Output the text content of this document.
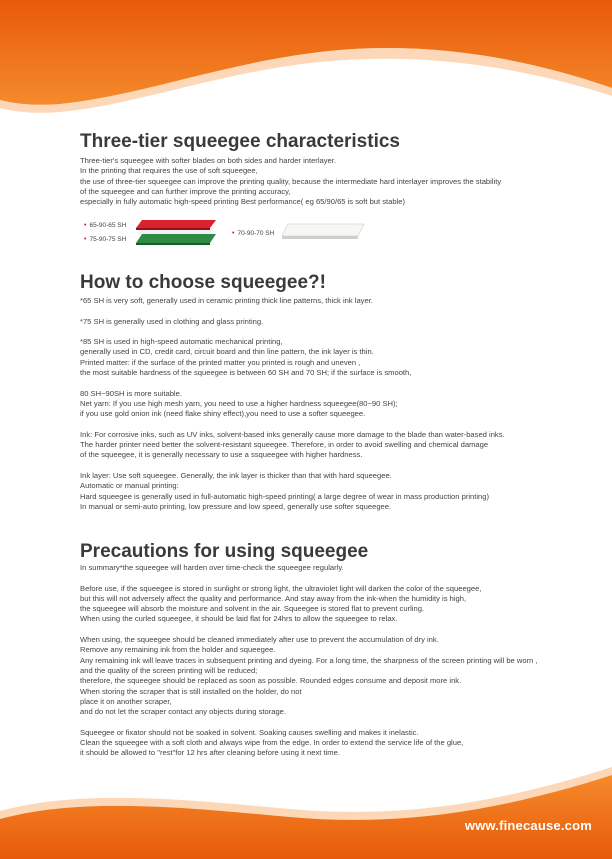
Three-tier squeegee characteristics
Three-tier's squeegee with softer blades on both sides and harder interlayer.
In the printing that requires the use of soft squeegee,
the use of three-tier squeegee can improve the printing quality, because the intermediate hard interlayer improves the stability
of the squeegee and can further improve the printing accuracy,
especially in fully automatic high-speed printing Best performance( eg 65/90/65 is soft but stable)
• 65-90-65 SH
• 75-90-75 SH
• 70-90-70 SH
How to choose squeegee?!
*65 SH is very soft, generally used in ceramic printing thick line patterns, thick ink layer.
*75 SH is generally used in clothing and glass printing.
*85 SH is used in high-speed automatic mechanical printing,
generally used in CD, credit card, circuit board and thin line pattern, the ink layer is thin.
Printed matter: if the surface of the printed matter you printed is rough and uneven ,
the most suitable hardness of the squeegee is between 60 SH and 70 SH; if the surface is smooth,
80 SH~90SH is more suitable.
Net yarn: If you use high mesh yarn, you need to use a higher hardness squeegee(80~90 SH);
if you use gold onion ink (need flake shiny effect),you need to use a softer squeegee.
Ink: For corrosive inks, such as UV inks, solvent-based inks generally cause more damage to the blade than water-based inks.
The harder printer need better the solvent-resistant squeegee. Therefore, in order to avoid swelling and chemical damage
of the squeegee, it is generally necessary to use a ssqueegee with higher hardness.
Ink layer: Use soft squeegee. Generally, the ink layer is thicker than that with hard squeegee.
Automatic or manual printing:
Hard squeegee is generally used in full-automatic high-speed printing( a large degree of wear in mass production printing)
In manual or semi-auto printing, low pressure and low speed, generally use softer squeegee.
Precautions for using squeegee
In summary*the squeegee will harden over time-check the squeegee regularly.
Before use, if the squeegee is stored in sunlight or strong light, the ultraviolet light will darken the color of the squeegee,
but this will not adversely affect the quality and performance. And stay away from the ink-when the humidity is high,
the squeegee will absorb the moisture and solvent in the air. Squeegee is stored flat to prevent curling.
When using the curled squeegee, it should be laid flat for 24hrs to allow the squeegee to relax.
When using, the squeegee should be cleaned immediately after use to prevent the accumulation of dry ink.
Remove any remaining ink from the holder and squeegee.
Any remaining ink will leave traces in subsequent printing and dyeing. For a long time, the sharpness of the screen printing will be worn ,
and the quality of the screen printing will be reduced;
therefore, the squeegee should be replaced as soon as possible. Rounded edges consume and deposit more ink.
When storing the scraper that is still installed on the holder, do not
place it on another scraper,
and do not let the scraper contact any objects during storage.
Squeegee or fixator should not be soaked in solvent. Soaking causes swelling and makes it inelastic.
Clean the squeegee with a soft cloth and always wipe from the edge. In order to extend the service life of the glue,
it should be allowed to "rest"for 12 hrs after cleaning before using it next time.
www.finecause.com
